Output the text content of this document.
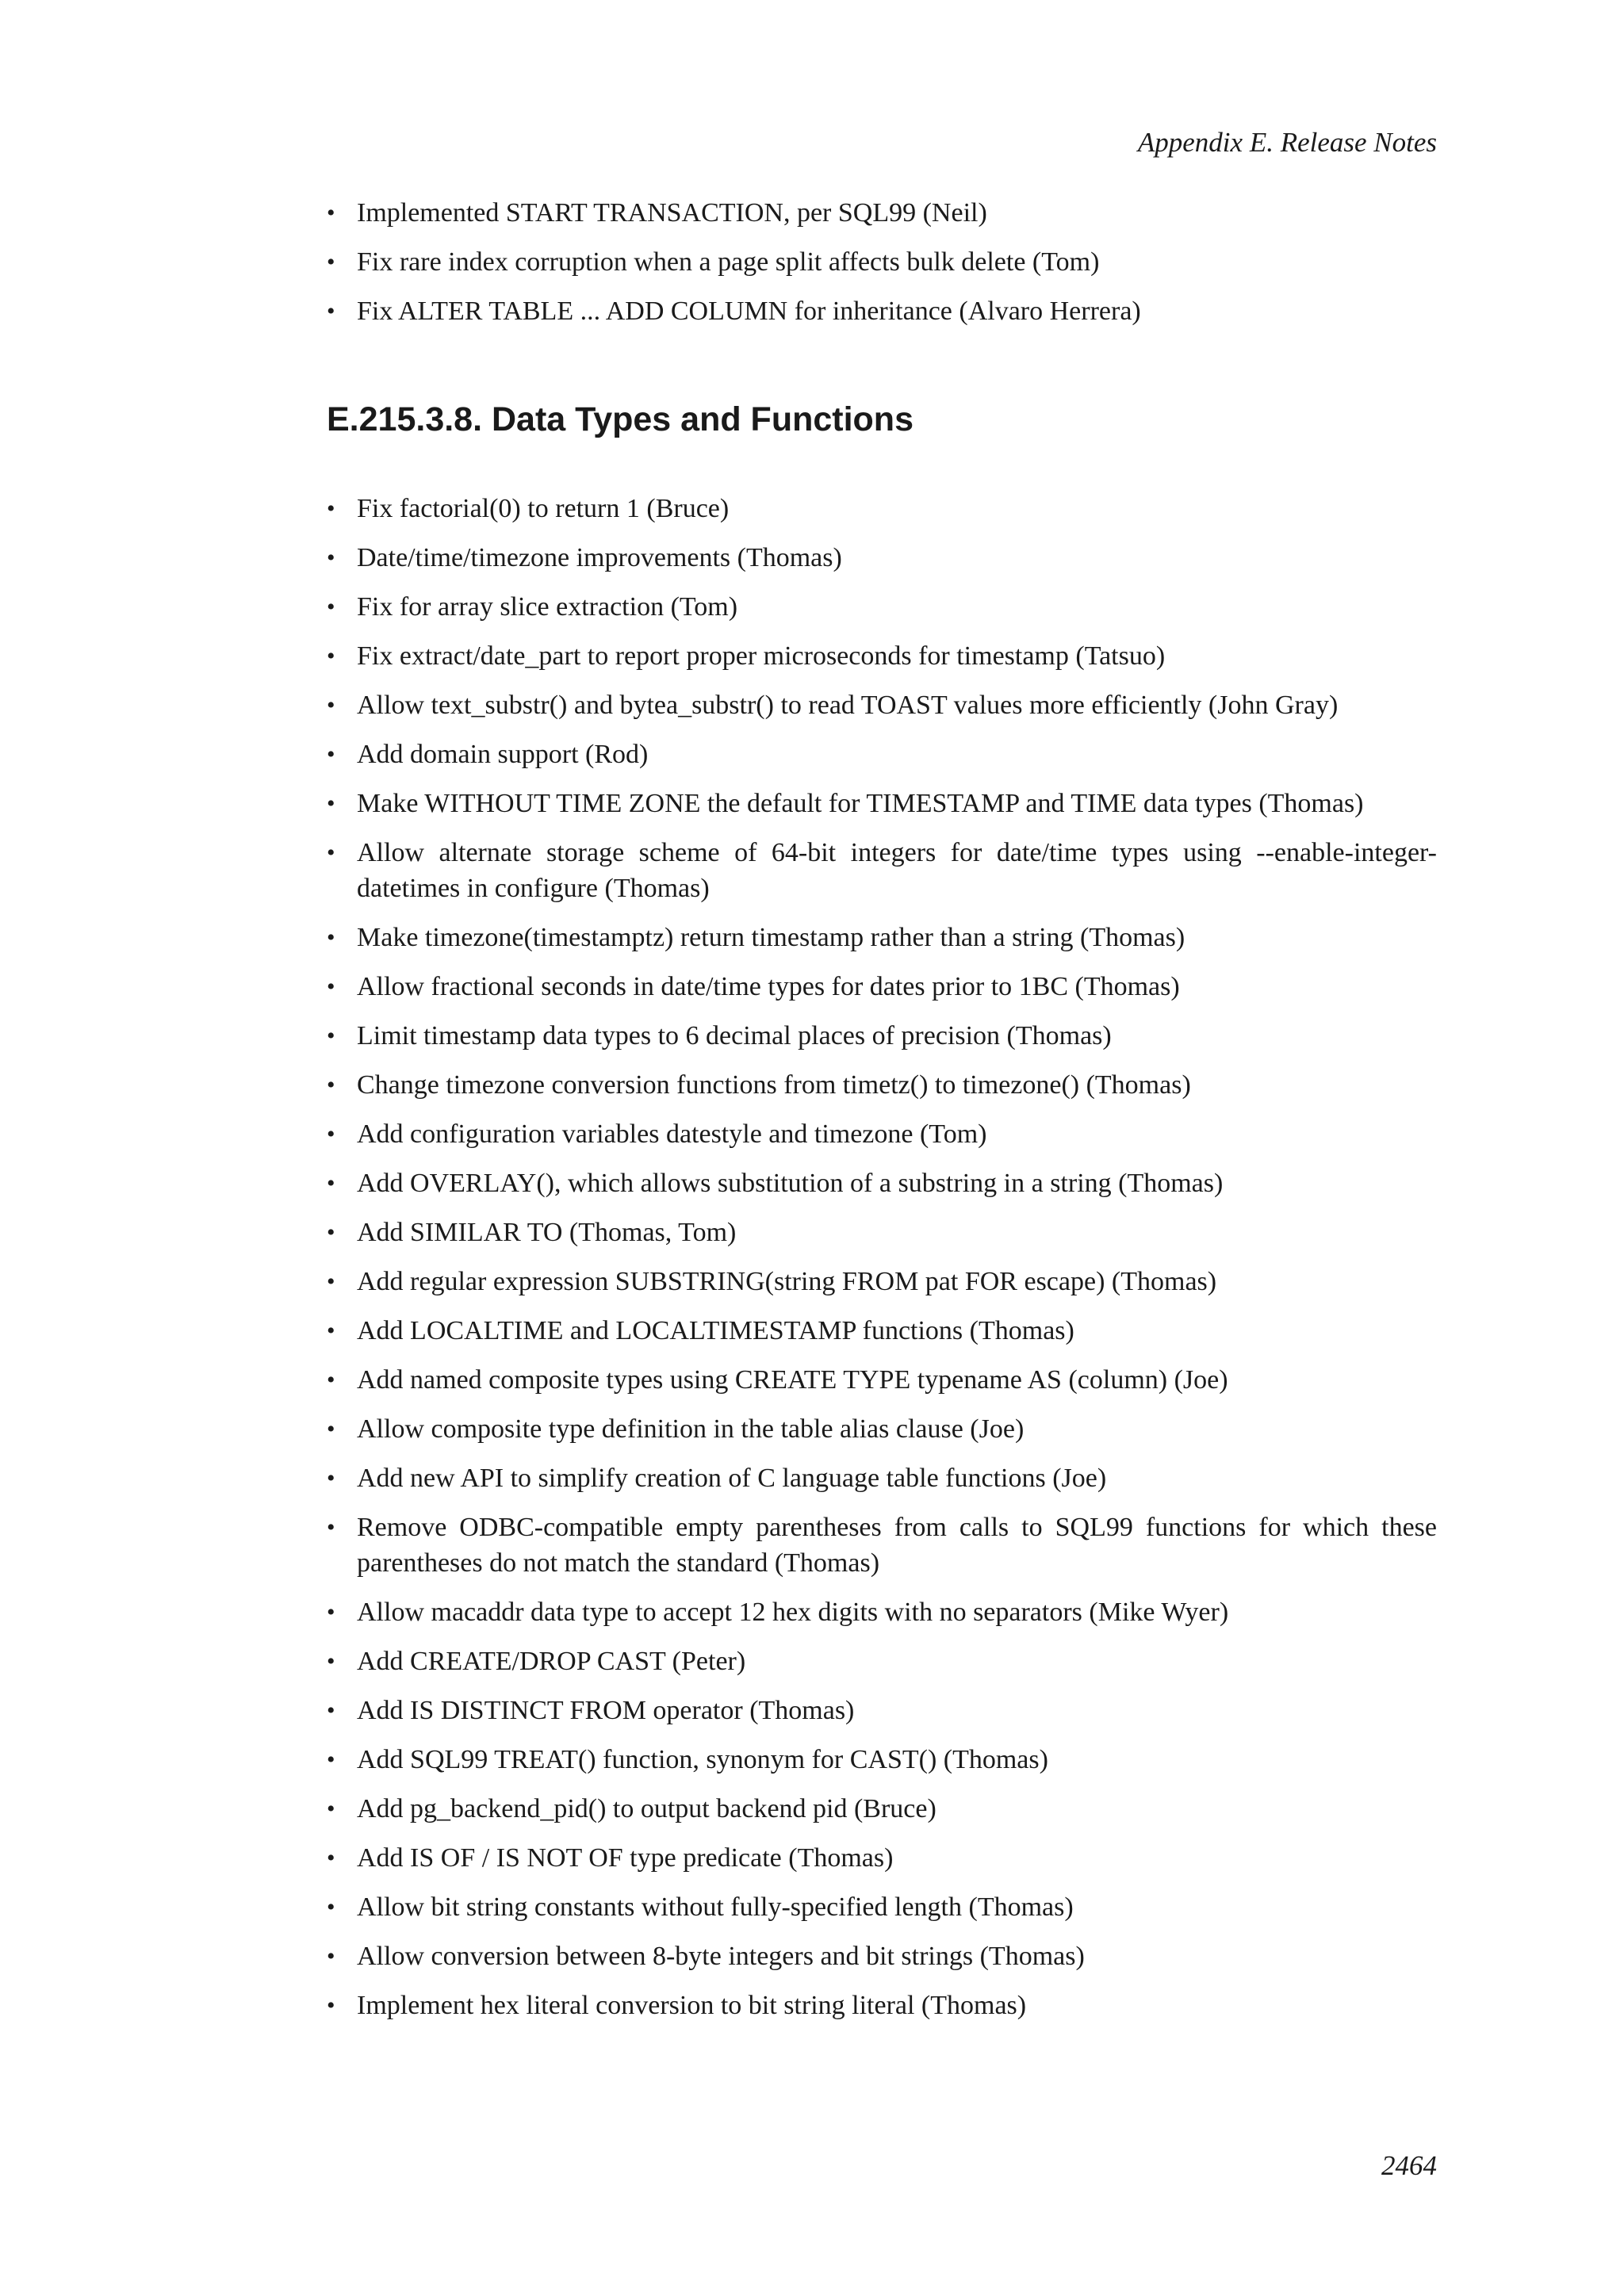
Appendix E. Release Notes
• Implemented START TRANSACTION, per SQL99 (Neil)
• Fix rare index corruption when a page split affects bulk delete (Tom)
• Fix ALTER TABLE ... ADD COLUMN for inheritance (Alvaro Herrera)
E.215.3.8. Data Types and Functions
• Fix factorial(0) to return 1 (Bruce)
• Date/time/timezone improvements (Thomas)
• Fix for array slice extraction (Tom)
• Fix extract/date_part to report proper microseconds for timestamp (Tatsuo)
• Allow text_substr() and bytea_substr() to read TOAST values more efficiently (John Gray)
• Add domain support (Rod)
• Make WITHOUT TIME ZONE the default for TIMESTAMP and TIME data types (Thomas)
• Allow alternate storage scheme of 64-bit integers for date/time types using --enable-integer-datetimes in configure (Thomas)
• Make timezone(timestamptz) return timestamp rather than a string (Thomas)
• Allow fractional seconds in date/time types for dates prior to 1BC (Thomas)
• Limit timestamp data types to 6 decimal places of precision (Thomas)
• Change timezone conversion functions from timetz() to timezone() (Thomas)
• Add configuration variables datestyle and timezone (Tom)
• Add OVERLAY(), which allows substitution of a substring in a string (Thomas)
• Add SIMILAR TO (Thomas, Tom)
• Add regular expression SUBSTRING(string FROM pat FOR escape) (Thomas)
• Add LOCALTIME and LOCALTIMESTAMP functions (Thomas)
• Add named composite types using CREATE TYPE typename AS (column) (Joe)
• Allow composite type definition in the table alias clause (Joe)
• Add new API to simplify creation of C language table functions (Joe)
• Remove ODBC-compatible empty parentheses from calls to SQL99 functions for which these parentheses do not match the standard (Thomas)
• Allow macaddr data type to accept 12 hex digits with no separators (Mike Wyer)
• Add CREATE/DROP CAST (Peter)
• Add IS DISTINCT FROM operator (Thomas)
• Add SQL99 TREAT() function, synonym for CAST() (Thomas)
• Add pg_backend_pid() to output backend pid (Bruce)
• Add IS OF / IS NOT OF type predicate (Thomas)
• Allow bit string constants without fully-specified length (Thomas)
• Allow conversion between 8-byte integers and bit strings (Thomas)
• Implement hex literal conversion to bit string literal (Thomas)
2464
